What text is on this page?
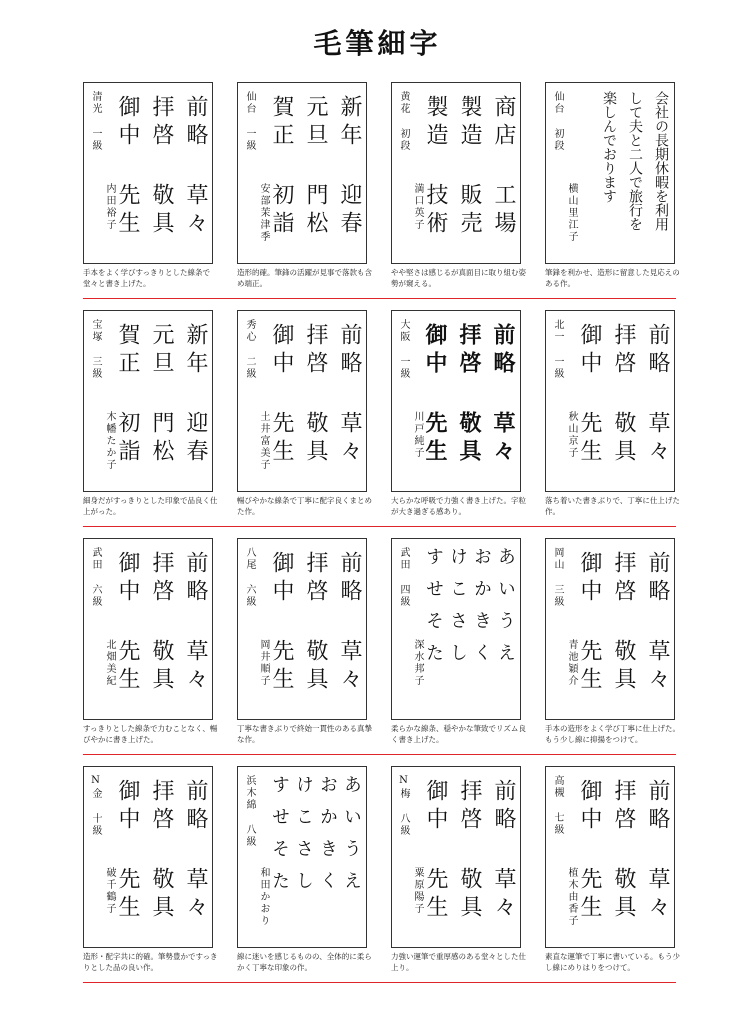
毛筆細字
清光 一級
内田裕子
前略
草々
拝啓
敬具
御中
先生
手本をよく学びすっきりとした線条で堂々と書き上げた。
仙台 一級
安部茉津季
新年
迎春
元旦
門松
賀正
初詣
造形的確。筆鋒の活躍が見事で落款も含め端正。
黄花 初段
満口英子
商店
工場
製造
販売
製造
技術
やや堅さは感じるが真面目に取り組む姿勢が窺える。
仙台 初段
横山里江子	会社の長期休暇を利用
して夫と二人で旅行を
楽しんでおります
筆鋒を利かせ、造形に留意した見応えのある作。
宝塚 三級
木幡たか子
新年
迎春
元旦
門松
賀正
初詣
細身だがすっきりとした印象で品良く仕上がった。
秀心 二級
土井富美子
前略
草々
拝啓
敬具
御中
先生
暢びやかな線条で丁寧に配字良くまとめた作。
大阪 一級
川戸純子
前略
草々
拝啓
敬具
御中
先生
大らかな呼吸で力強く書き上げた。字粒が大き過ぎる感あり。
北一 一級
秋山京子
前略
草々
拝啓
敬具
御中
先生
落ち着いた書きぶりで、丁寧に仕上げた作。
武田 六級
北畑美紀
前略
草々
拝啓
敬具
御中
先生
すっきりとした線条で力むことなく、暢びやかに書き上げた。
八尾 六級
岡井順子
前略
草々
拝啓
敬具
御中
先生
丁寧な書きぶりで終始一貫性のある真摯な作。
武田 四級
深水邦子	あいうえ
おかきく
けこさし
すせそた
柔らかな線条、穏やかな筆致でリズム良く書き上げた。
岡山 三級
青池穎介
前略
草々
拝啓
敬具
御中
先生
手本の造形をよく学び丁寧に仕上げた。もう少し線に抑揚をつけて。
N金 十級
破千鶴子
前略
草々
拝啓
敬具
御中
先生
造形・配字共に的確。筆勢豊かですっきりとした品の良い作。
浜木綿 八級
和田かおり	あいうえ
おかきく
けこさし
すせそた
線に迷いを感じるものの、全体的に柔らかく丁寧な印象の作。
N梅 八級
粟原陽子
前略
草々
拝啓
敬具
御中
先生
力強い運筆で重厚感のある堂々とした仕上り。
高槻 七級
植木由香子
前略
草々
拝啓
敬具
御中
先生
素直な運筆で丁寧に書いている。もう少し線にめりはりをつけて。
